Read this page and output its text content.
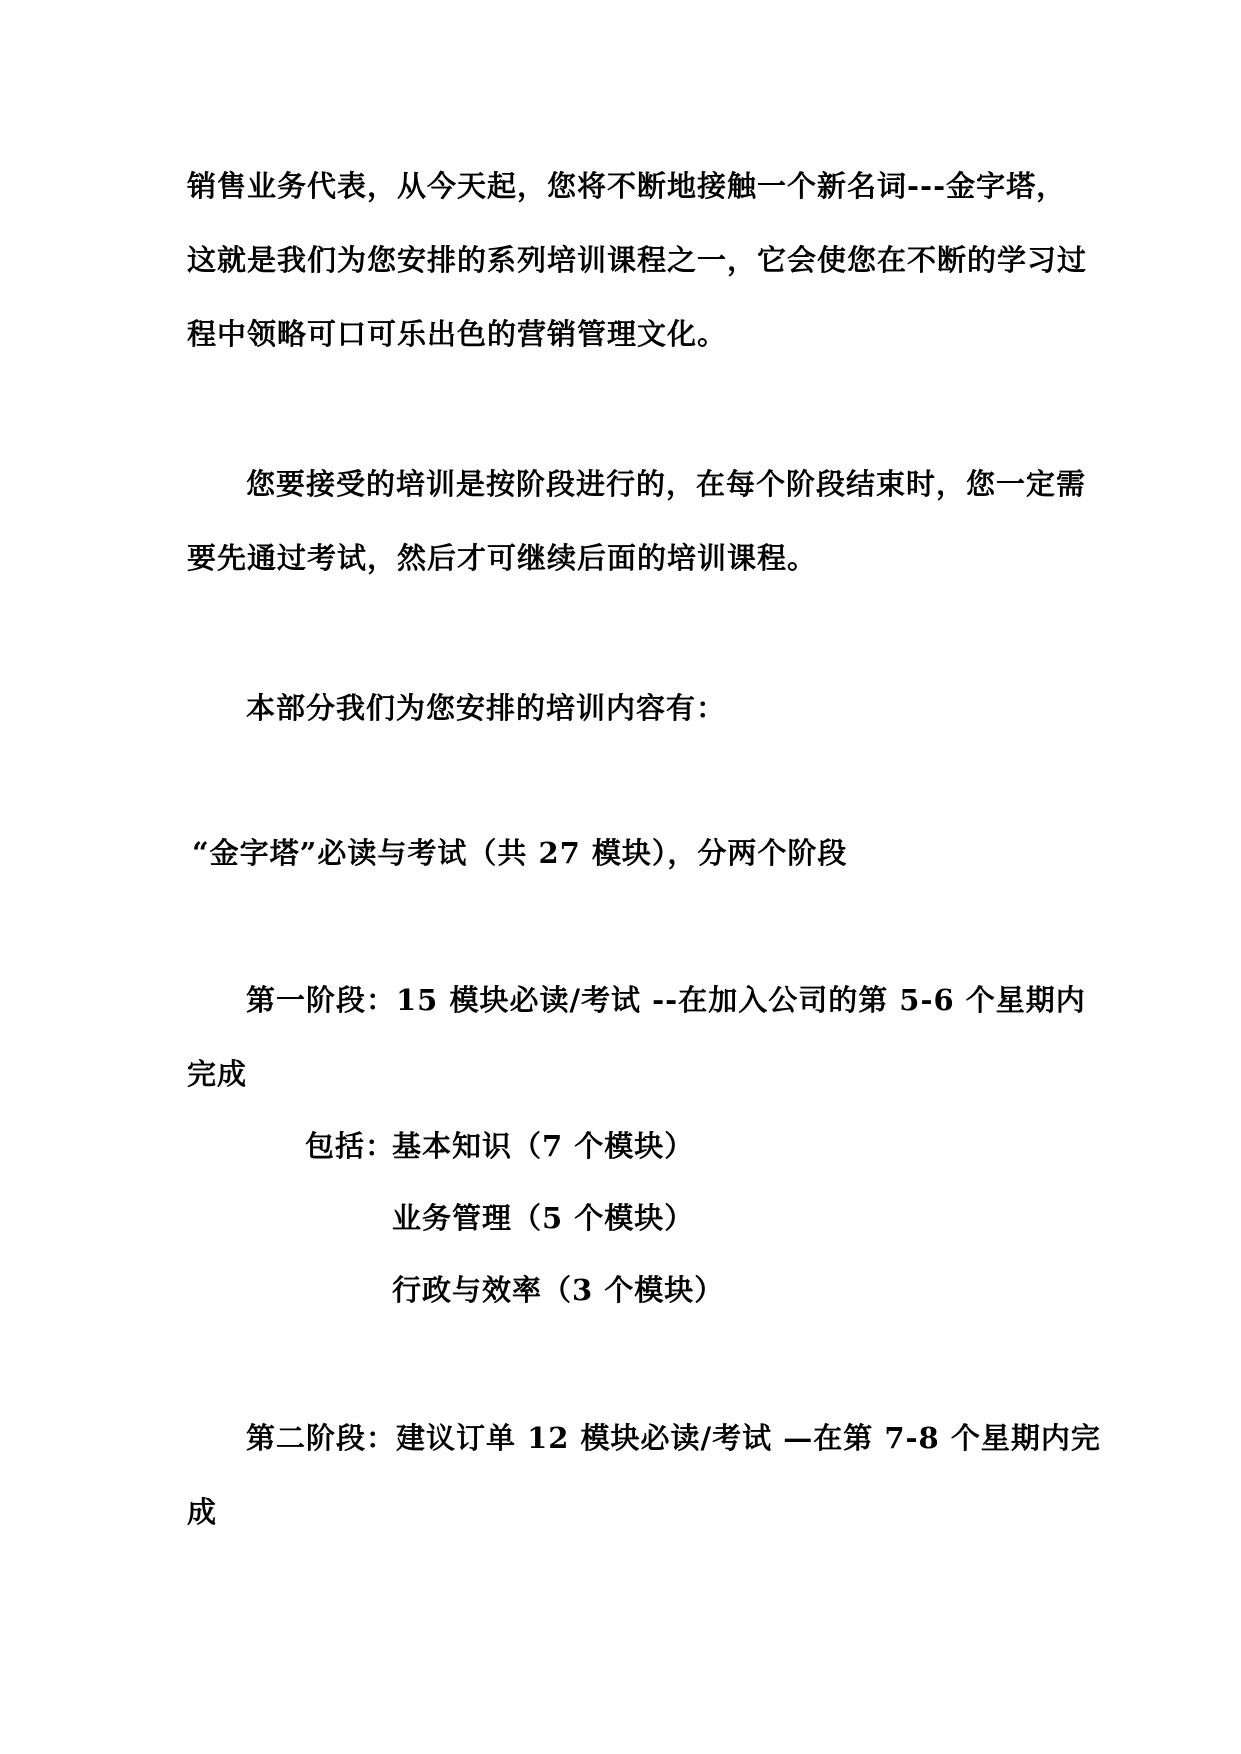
销售业务代表，从今天起，您将不断地接触一个新名词---金字塔，
这就是我们为您安排的系列培训课程之一，它会使您在不断的学习过
程中领略可口可乐出色的营销管理文化。
您要接受的培训是按阶段进行的，在每个阶段结束时，您一定需
要先通过考试，然后才可继续后面的培训课程。
本部分我们为您安排的培训内容有：
“金字塔”必读与考试（共 27 模块），分两个阶段
第一阶段：15 模块必读/考试 --在加入公司的第 5-6 个星期内
完成
包括：
基本知识（7 个模块）
业务管理（5 个模块）
行政与效率（3 个模块）
第二阶段：建议订单 12 模块必读/考试 —在第 7-8 个星期内完
成
